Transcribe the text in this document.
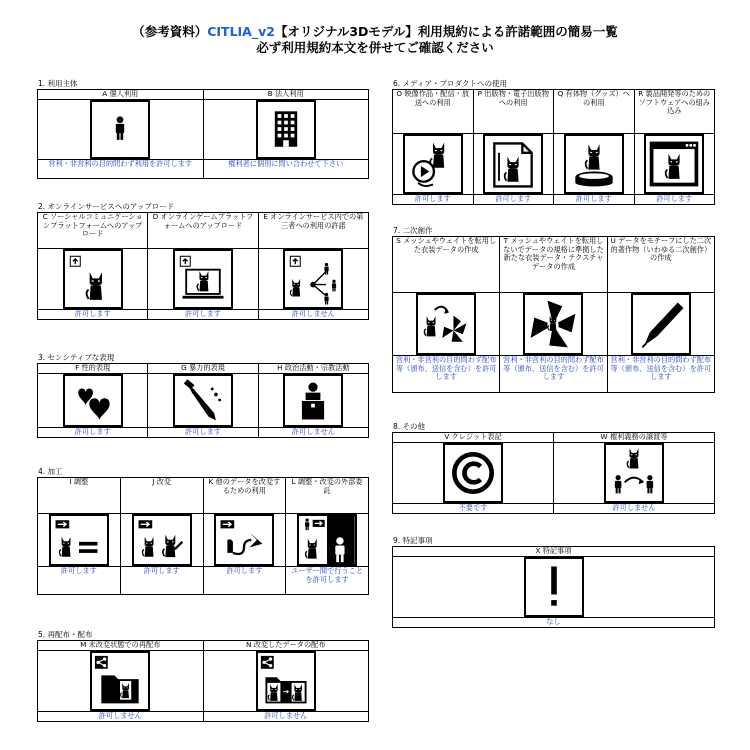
（参考資料）CITLIA_v2【オリジナル3Dモデル】利用規約による許諾範囲の簡易一覧
必ず利用規約本文を併せてご確認ください
1. 利用主体
A 個人利用	B 法人利用

営利・非営利の目的問わず利用を許可します	権利者に個別に問い合わせて下さい
2. オンラインサービスへのアップロード
C ソーシャルコミュニケーションプラットフォームへのアップロード	D オンラインゲームプラットフォームへのアップロード	E オンラインサービス内での第三者への利用の許諾

許可します	許可します	許可しません
3. センシティブな表現
F 性的表現	G 暴力的表現	H 政治活動・宗教活動

許可します	許可します	許可しません
4. 加工
I 調整	J 改変	K 他のデータを改変するための利用	L 調整・改変の外部委託

許可します	許可します	許可します	ユーザー間で行うことを許可します
5. 再配布・配布
M 未改変状態での再配布	N 改変したデータの配布

許可しません	許可しません
6. メディア・プロダクトへの使用
O 映像作品・配信・放送への利用	P 出版物・電子出版物への利用	Q 有体物（グッズ）への利用	R 製品開発等のためのソフトウェアへの組み込み

許可します	許可します	許可します	許可します
7. 二次創作
S メッシュやウェイトを転用した衣装データの作成	T メッシュやウェイトを転用しないでデータの規格に準拠した新たな衣装データ・テクスチャデータの作成	U データをモチーフにした二次的著作物（いわゆる二次創作）の作成

営利・非営利の目的問わず配布等（頒布、送信を含む）を許可します	営利・非営利の目的問わず配布等（頒布、送信を含む）を許可します	営利・非営利の目的問わず配布等（頒布、送信を含む）を許可します
8. その他
V クレジット表記	W 権利義務の譲渡等

不要です	許可しません
9. 特記事項
X 特記事項

なし
